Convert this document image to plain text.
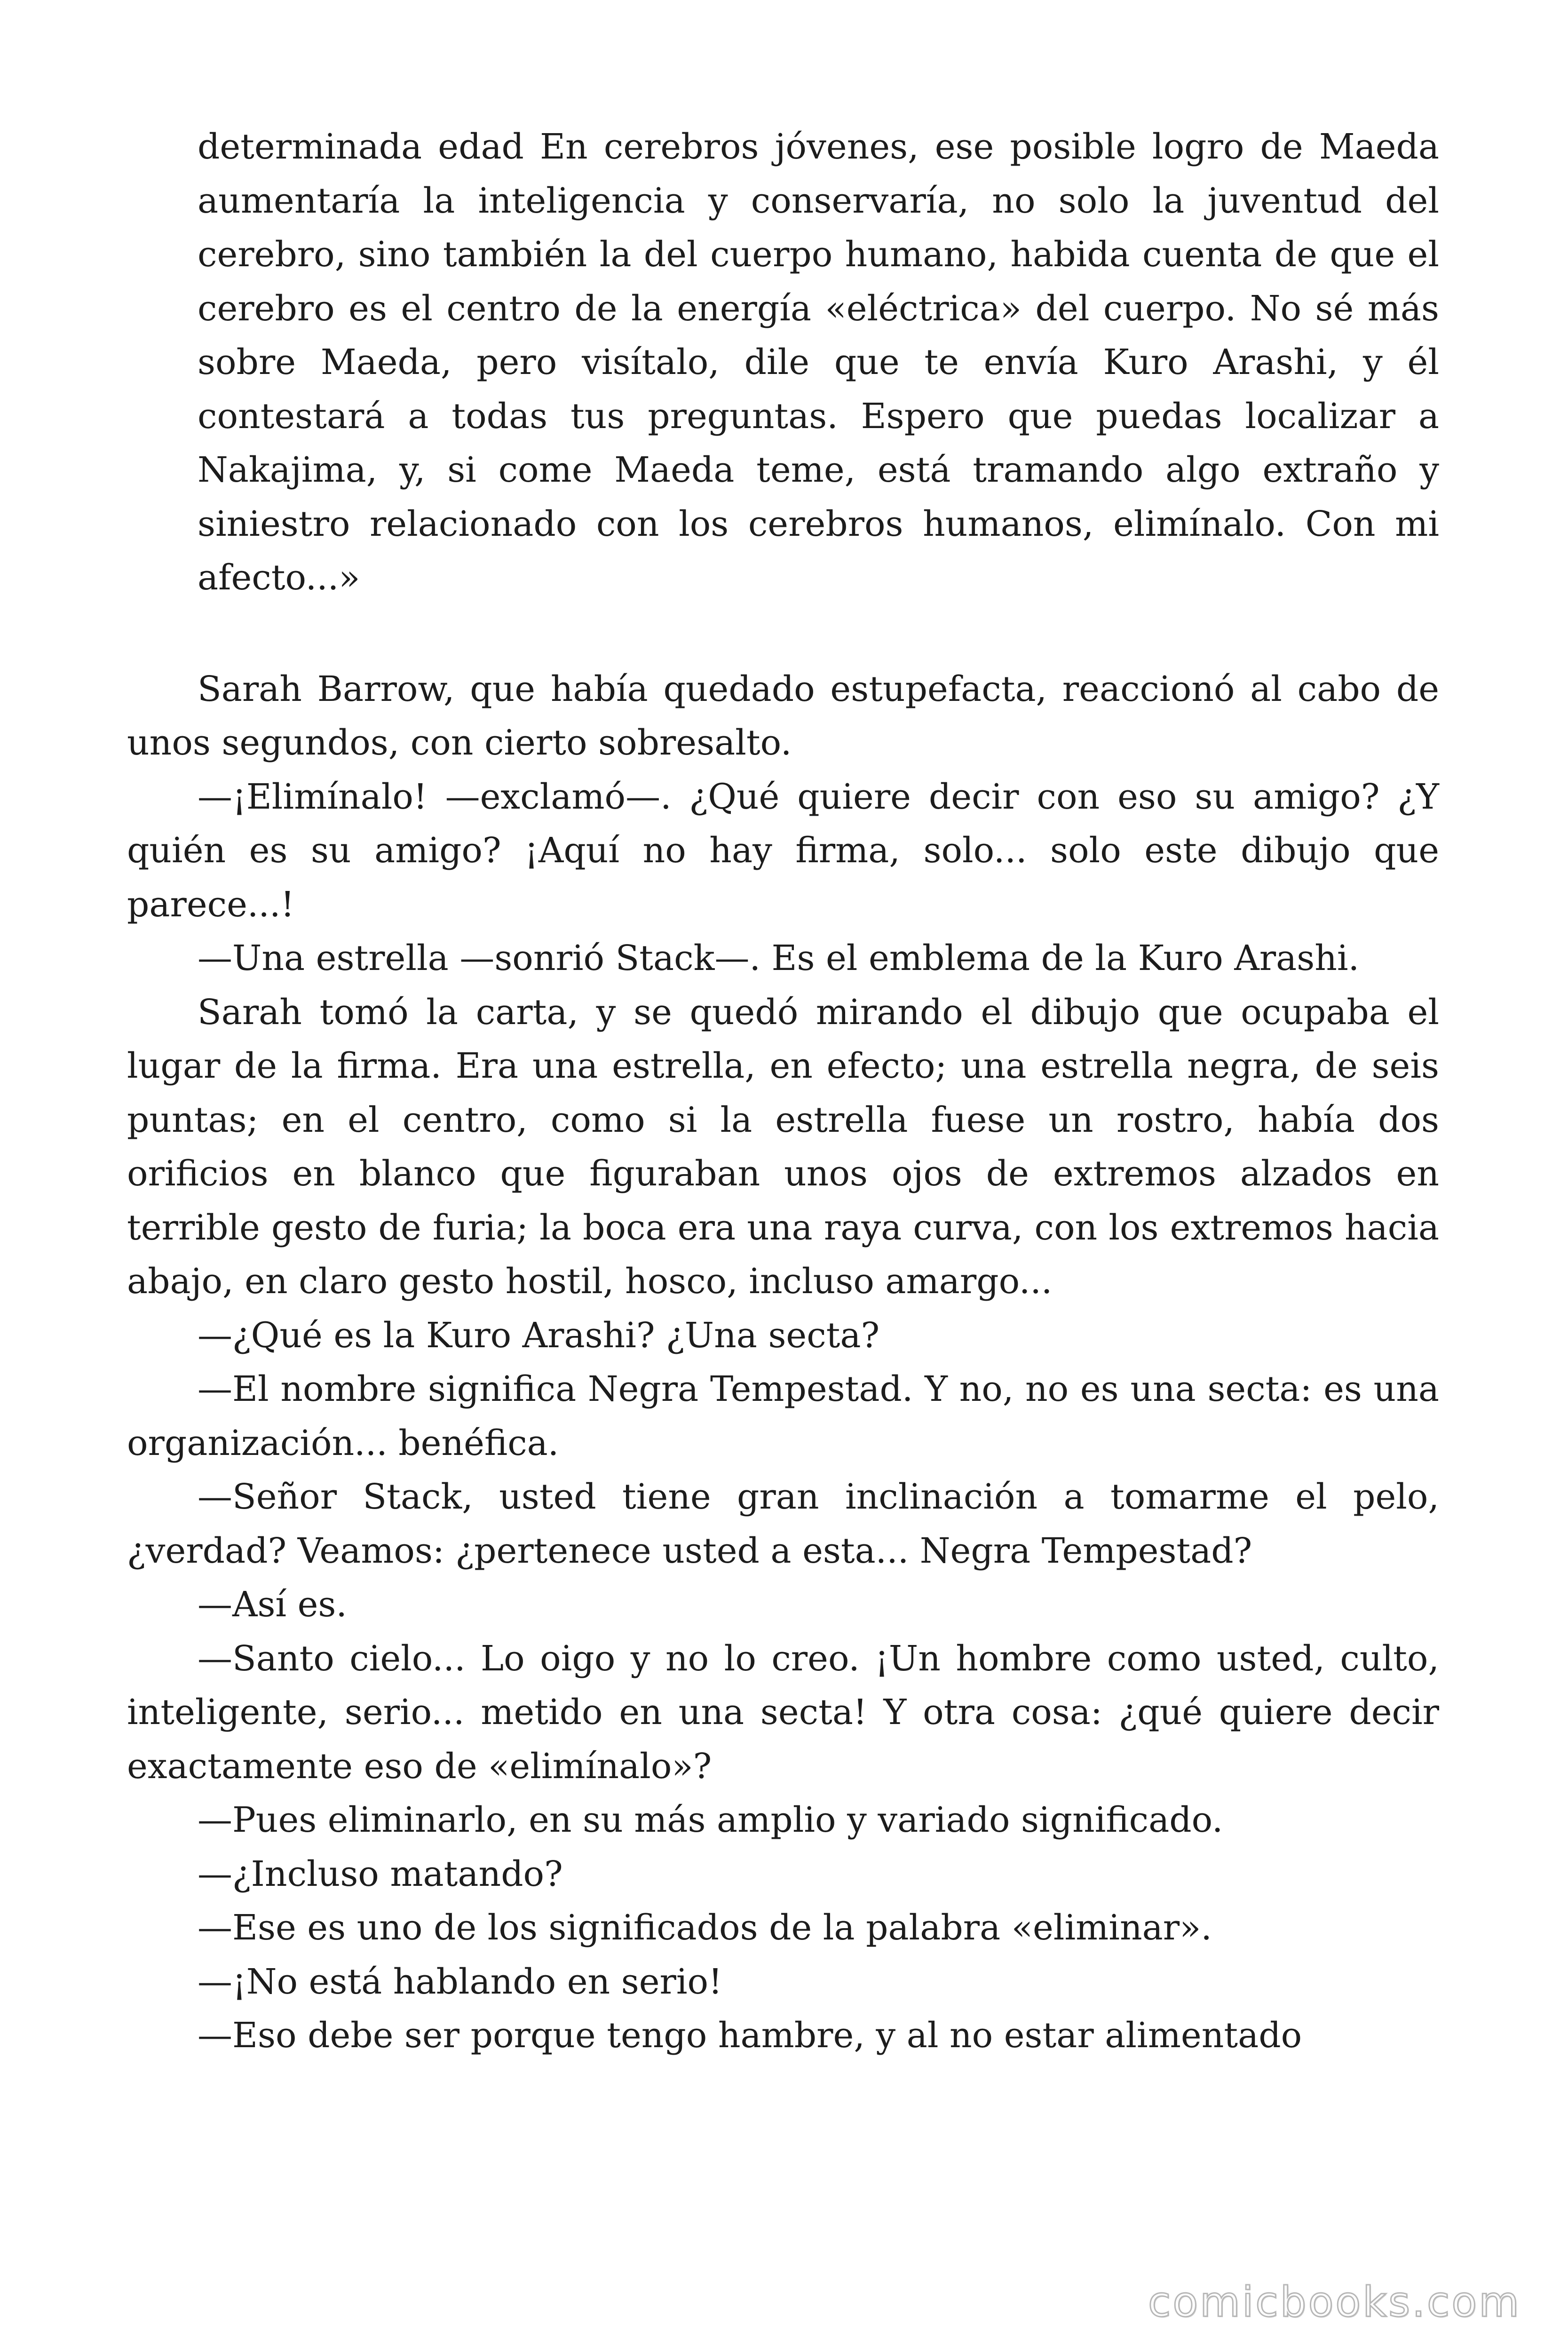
determinada edad En cerebros jóvenes, ese posible logro de Maeda aumentaría la inteligencia y conservaría, no solo la juventud del cerebro, sino también la del cuerpo humano, habida cuenta de que el cerebro es el centro de la energía «eléctrica» del cuerpo. No sé más sobre Maeda, pero visítalo, dile que te envía Kuro Arashi, y él contestará a todas tus preguntas. Espero que puedas localizar a Nakajima, y, si come Maeda teme, está tramando algo extraño y siniestro relacionado con los cerebros humanos, elimínalo. Con mi afecto...»

Sarah Barrow, que había quedado estupefacta, reaccionó al cabo de unos segundos, con cierto sobresalto.

—¡Elimínalo! —exclamó—. ¿Qué quiere decir con eso su amigo? ¿Y quién es su amigo? ¡Aquí no hay firma, solo... solo este dibujo que parece...!

—Una estrella —sonrió Stack—. Es el emblema de la Kuro Arashi.

Sarah tomó la carta, y se quedó mirando el dibujo que ocupaba el lugar de la firma. Era una estrella, en efecto; una estrella negra, de seis puntas; en el centro, como si la estrella fuese un rostro, había dos orificios en blanco que figuraban unos ojos de extremos alzados en terrible gesto de furia; la boca era una raya curva, con los extremos hacia abajo, en claro gesto hostil, hosco, incluso amargo...

—¿Qué es la Kuro Arashi? ¿Una secta?

—El nombre significa Negra Tempestad. Y no, no es una secta: es una organización... benéfica.

—Señor Stack, usted tiene gran inclinación a tomarme el pelo, ¿verdad? Veamos: ¿pertenece usted a esta... Negra Tempestad?

—Así es.

—Santo cielo... Lo oigo y no lo creo. ¡Un hombre como usted, culto, inteligente, serio... metido en una secta! Y otra cosa: ¿qué quiere decir exactamente eso de «elimínalo»?

—Pues eliminarlo, en su más amplio y variado significado.

—¿Incluso matando?

—Ese es uno de los significados de la palabra «eliminar».

—¡No está hablando en serio!

—Eso debe ser porque tengo hambre, y al no estar alimentado

comicbooks.com
